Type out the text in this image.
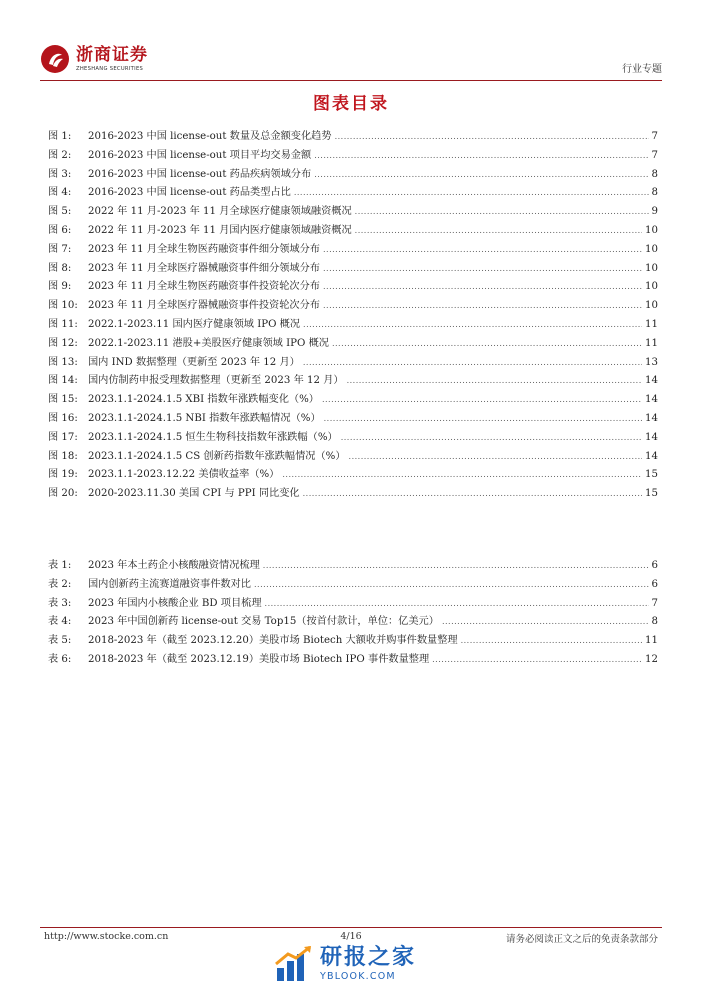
浙商证券
ZHESHANG SECURITIES	行业专题
图表目录
图 1:	2016-2023 中国 license-out 数量及总金额变化趋势 .....	7
图 2:	2016-2023 中国 license-out 项目平均交易金额 .....	7
图 3:	2016-2023 中国 license-out 药品疾病领域分布 .....	8
图 4:	2016-2023 中国 license-out 药品类型占比 .....	8
图 5:	2022 年 11 月-2023 年 11 月全球医疗健康领域融资概况 .....	9
图 6:	2022 年 11 月-2023 年 11 月国内医疗健康领域融资概况 .....	10
图 7:	2023 年 11 月全球生物医药融资事件细分领域分布 .....	10
图 8:	2023 年 11 月全球医疗器械融资事件细分领域分布 .....	10
图 9:	2023 年 11 月全球生物医药融资事件投资轮次分布 .....	10
图 10: 2023 年 11 月全球医疗器械融资事件投资轮次分布 .....	10
图 11: 2022.1-2023.11 国内医疗健康领域 IPO 概况 .....	11
图 12: 2022.1-2023.11 港股+美股医疗健康领域 IPO 概况 .....	11
图 13: 国内 IND 数据整理（更新至 2023 年 12 月） .....	13
图 14: 国内仿制药申报受理数据整理（更新至 2023 年 12 月） .....	14
图 15: 2023.1.1-2024.1.5 XBI 指数年涨跌幅变化（%） .....	14
图 16: 2023.1.1-2024.1.5 NBI 指数年涨跌幅情况（%） .....	14
图 17: 2023.1.1-2024.1.5 恒生生物科技指数年涨跌幅（%） .....	14
图 18: 2023.1.1-2024.1.5 CS 创新药指数年涨跌幅情况（%） .....	14
图 19: 2023.1.1-2023.12.22 美债收益率（%） .....	15
图 20: 2020-2023.11.30 美国 CPI 与 PPI 同比变化 .....	15
表 1:	2023 年本土药企小核酸融资情况梳理 .....	6
表 2:	国内创新药主流赛道融资事件数对比 .....	6
表 3:	2023 年国内小核酸企业 BD 项目梳理 .....	7
表 4:	2023 年中国创新药 license-out 交易 Top15（按首付款计，单位：亿美元） .....	8
表 5:	2018-2023 年（截至 2023.12.20）美股市场 Biotech 大额收并购事件数量整理 .....	11
表 6:	2018-2023 年（截至 2023.12.19）美股市场 Biotech IPO 事件数量整理 .....	12
http://www.stocke.com.cn	4/16	请务必阅读正文之后的免责条款部分
研报之家
YBLOOK.COM
